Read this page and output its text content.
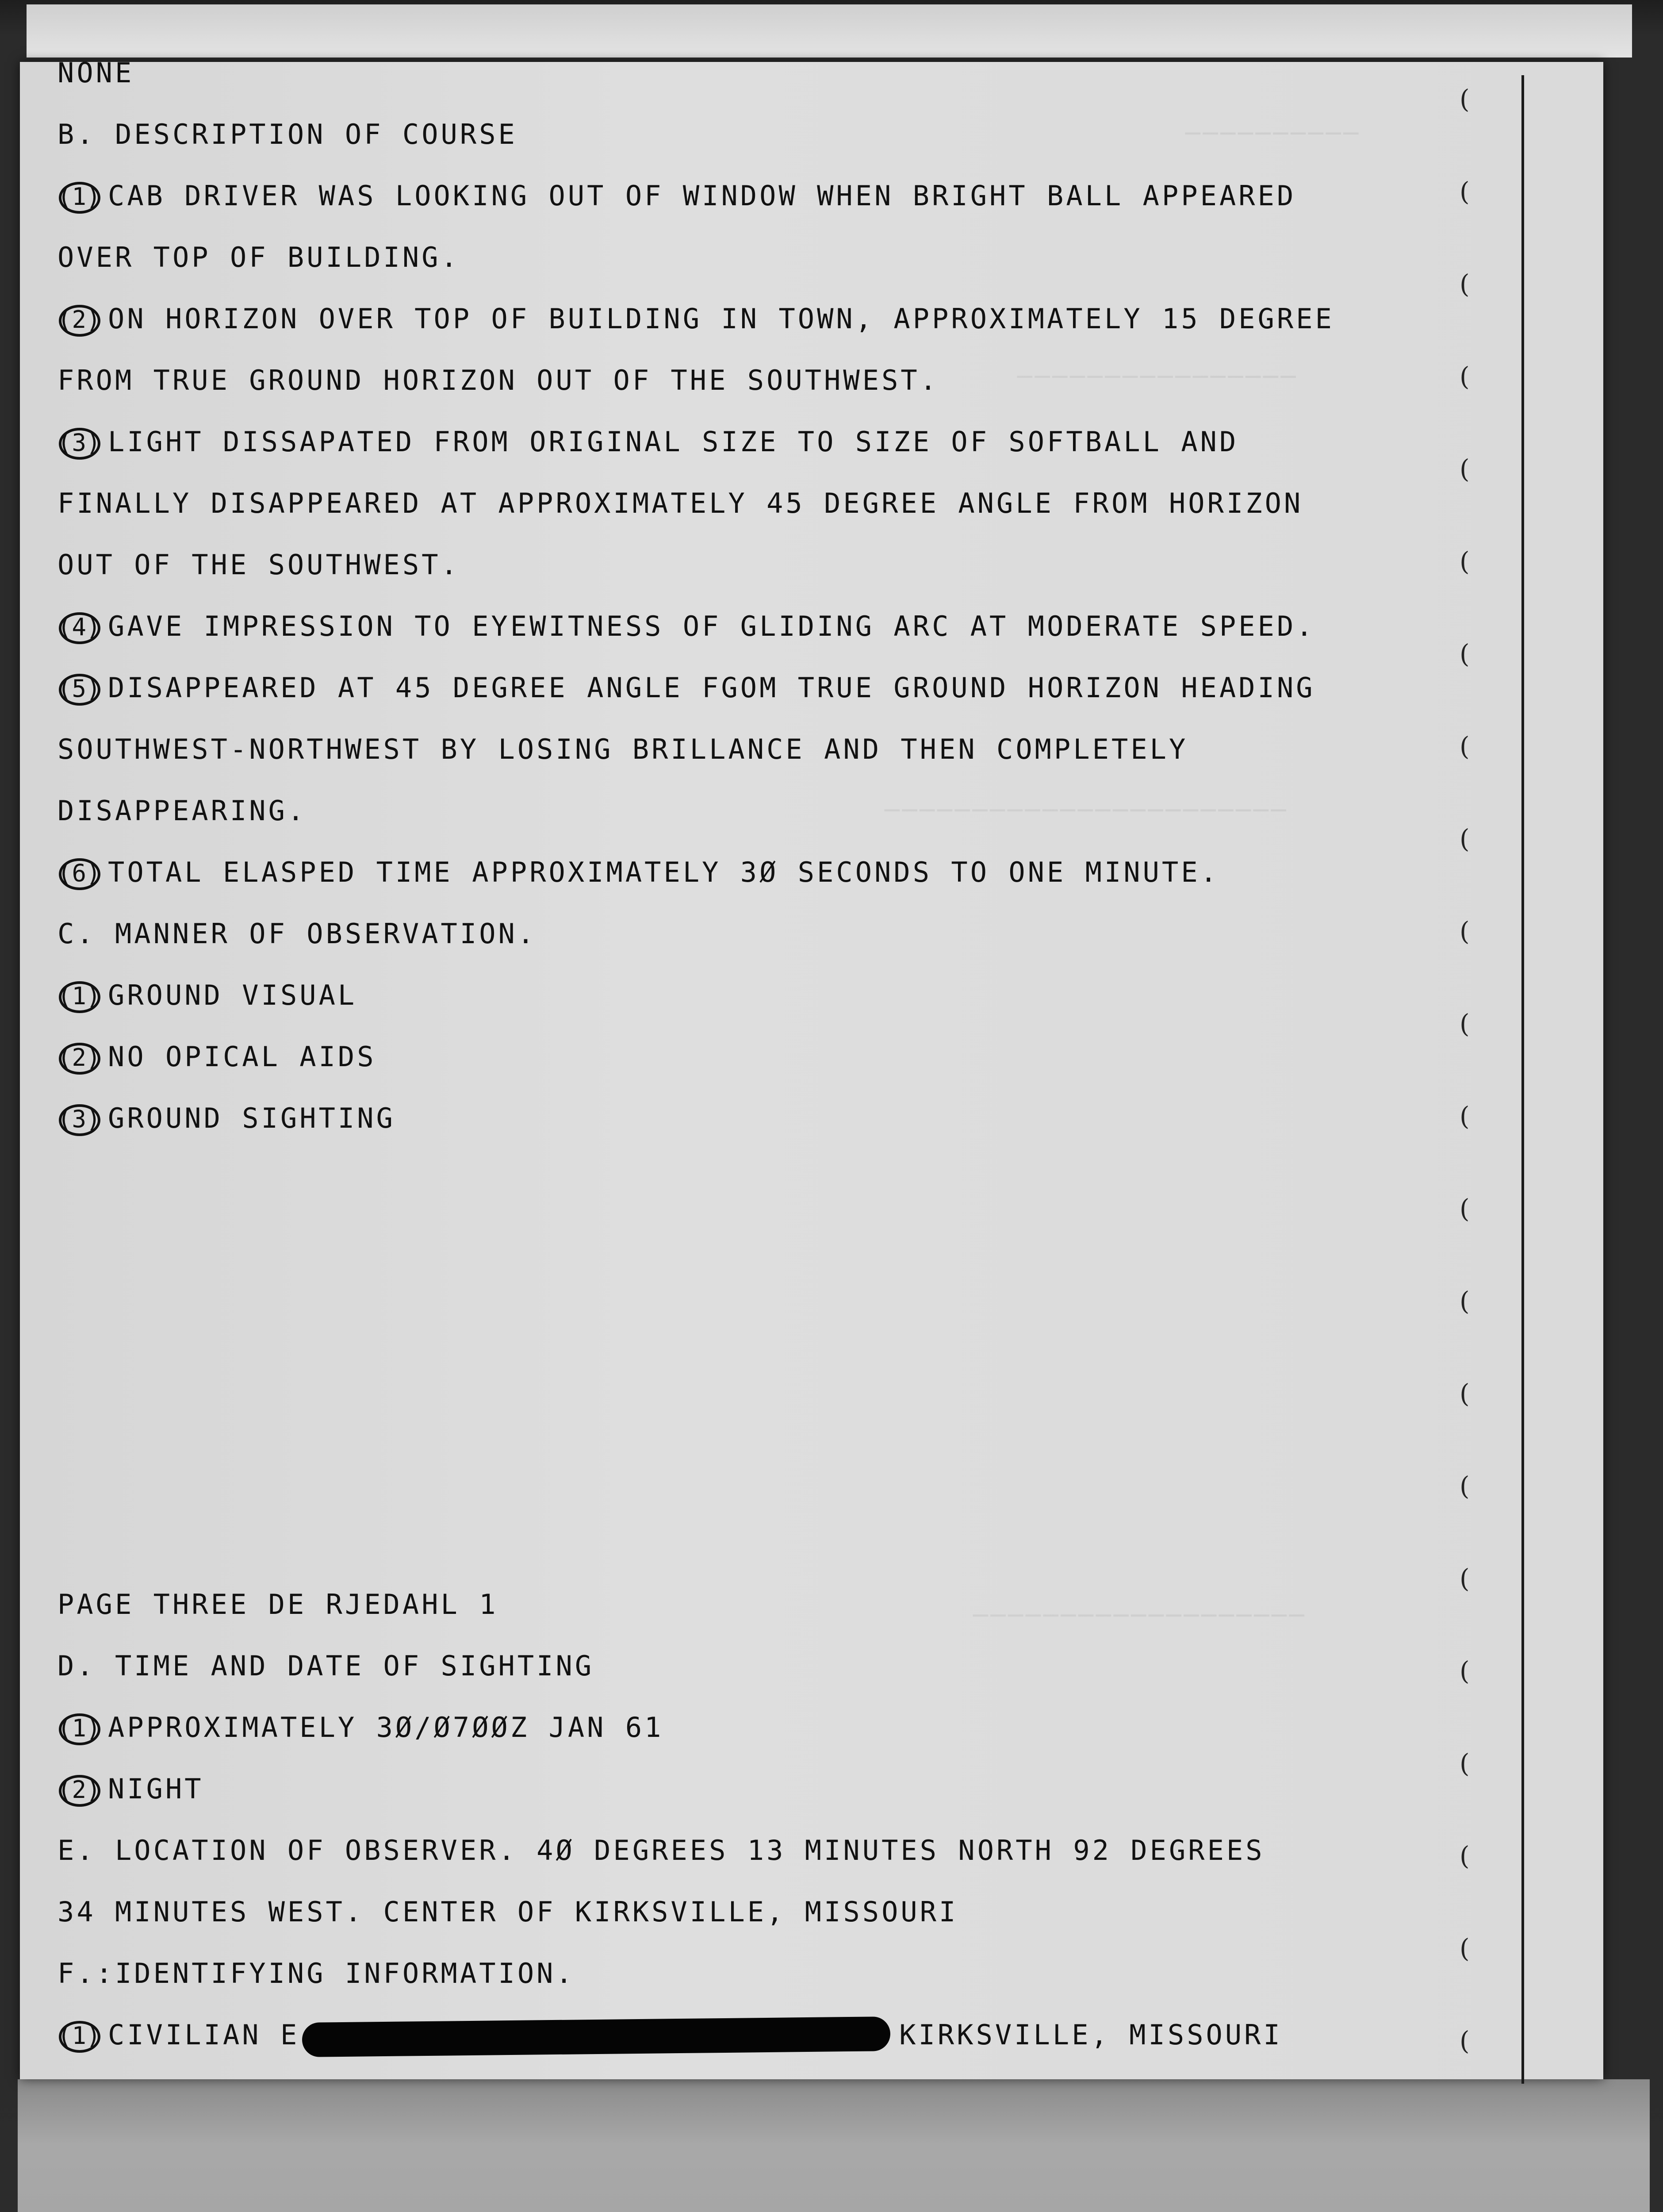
──────────
────────────────
───────────────────────
───────────────────
NONE
B. DESCRIPTION OF COURSE
(1) CAB DRIVER WAS LOOKING OUT OF WINDOW WHEN BRIGHT BALL APPEARED
OVER TOP OF BUILDING.
(2) ON HORIZON OVER TOP OF BUILDING IN TOWN, APPROXIMATELY 15 DEGREE
FROM TRUE GROUND HORIZON OUT OF THE SOUTHWEST.
(3) LIGHT DISSAPATED FROM ORIGINAL SIZE TO SIZE OF SOFTBALL AND
FINALLY DISAPPEARED AT APPROXIMATELY 45 DEGREE ANGLE FROM HORIZON
OUT OF THE SOUTHWEST.
(4) GAVE IMPRESSION TO EYEWITNESS OF GLIDING ARC AT MODERATE SPEED.
(5) DISAPPEARED AT 45 DEGREE ANGLE FGOM TRUE GROUND HORIZON HEADING
SOUTHWEST-NORTHWEST BY LOSING BRILLANCE AND THEN COMPLETELY
DISAPPEARING.
(6) TOTAL ELASPED TIME APPROXIMATELY 3Ø SECONDS TO ONE MINUTE.
C. MANNER OF OBSERVATION.
(1) GROUND VISUAL
(2) NO OPICAL AIDS
(3) GROUND SIGHTING
PAGE THREE DE RJEDAHL 1
D. TIME AND DATE OF SIGHTING
(1) APPROXIMATELY 3Ø/Ø7ØØZ JAN 61
(2) NIGHT
E. LOCATION OF OBSERVER. 4Ø DEGREES 13 MINUTES NORTH 92 DEGREES
34 MINUTES WEST. CENTER OF KIRKSVILLE, MISSOURI
F.:IDENTIFYING INFORMATION.
(1) CIVILIAN E	KIRKSVILLE, MISSOURI
(
(
(
(
(
(
(
(
(
(
(
(
(
(
(
(
(
(
(
(
(
(
